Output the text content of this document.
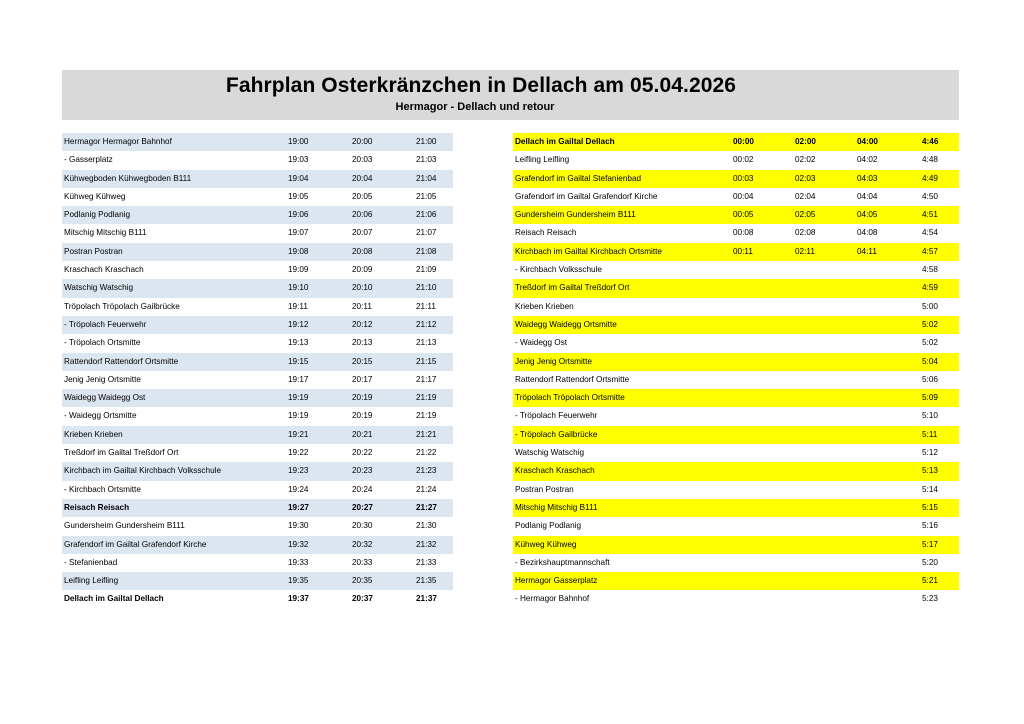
Fahrplan Osterkränzchen in Dellach am 05.04.2026
Hermagor - Dellach und retour
Hermagor Hermagor Bahnhof	19:00	20:00	21:00
- Gasserplatz	19:03	20:03	21:03
Kühwegboden Kühwegboden B111	19:04	20:04	21:04
Kühweg Kühweg	19:05	20:05	21:05
Podlanig Podlanig	19:06	20:06	21:06
Mitschig Mitschig B111	19:07	20:07	21:07
Postran Postran	19:08	20:08	21:08
Kraschach Kraschach	19:09	20:09	21:09
Watschig Watschig	19:10	20:10	21:10
Tröpolach Tröpolach Gailbrücke	19:11	20:11	21:11
- Tröpolach Feuerwehr	19:12	20:12	21:12
- Tröpolach Ortsmitte	19:13	20:13	21:13
Rattendorf Rattendorf Ortsmitte	19:15	20:15	21:15
Jenig Jenig Ortsmitte	19:17	20:17	21:17
Waidegg Waidegg Ost	19:19	20:19	21:19
- Waidegg Ortsmitte	19:19	20:19	21:19
Krieben Krieben	19:21	20:21	21:21
Treßdorf im Gailtal Treßdorf Ort	19:22	20:22	21:22
Kirchbach im Gailtal Kirchbach Volksschule	19:23	20:23	21:23
- Kirchbach Ortsmitte	19:24	20:24	21:24
Reisach Reisach	19:27	20:27	21:27
Gundersheim Gundersheim B111	19:30	20:30	21:30
Grafendorf im Gailtal Grafendorf Kirche	19:32	20:32	21:32
- Stefanienbad	19:33	20:33	21:33
Leifling Leifling	19:35	20:35	21:35
Dellach im Gailtal Dellach	19:37	20:37	21:37
Dellach im Gailtal Dellach	00:00	02:00	04:00	4:46
Leifling Leifling	00:02	02:02	04:02	4:48
Grafendorf im Gailtal Stefanienbad	00:03	02:03	04:03	4:49
Grafendorf im Gailtal Grafendorf Kirche	00:04	02:04	04:04	4:50
Gundersheim Gundersheim B111	00:05	02:05	04:05	4:51
Reisach Reisach	00:08	02:08	04:08	4:54
Kirchbach im Gailtal Kirchbach Ortsmitte	00:11	02:11	04:11	4:57
- Kirchbach Volksschule				4:58
Treßdorf im Gailtal Treßdorf Ort				4:59
Krieben Krieben				5:00
Waidegg Waidegg Ortsmitte				5:02
- Waidegg Ost				5:02
Jenig Jenig Ortsmitte				5:04
Rattendorf Rattendorf Ortsmitte				5:06
Tröpolach Tröpolach Ortsmitte				5:09
- Tröpolach Feuerwehr				5:10
- Tröpolach Gailbrücke				5:11
Watschig Watschig				5:12
Kraschach Kraschach				5:13
Postran Postran				5:14
Mitschig Mitschig B111				5:15
Podlanig Podlanig				5:16
Kühweg Kühweg				5:17
- Bezirkshauptmannschaft				5:20
Hermagor Gasserplatz				5:21
- Hermagor Bahnhof				5:23
